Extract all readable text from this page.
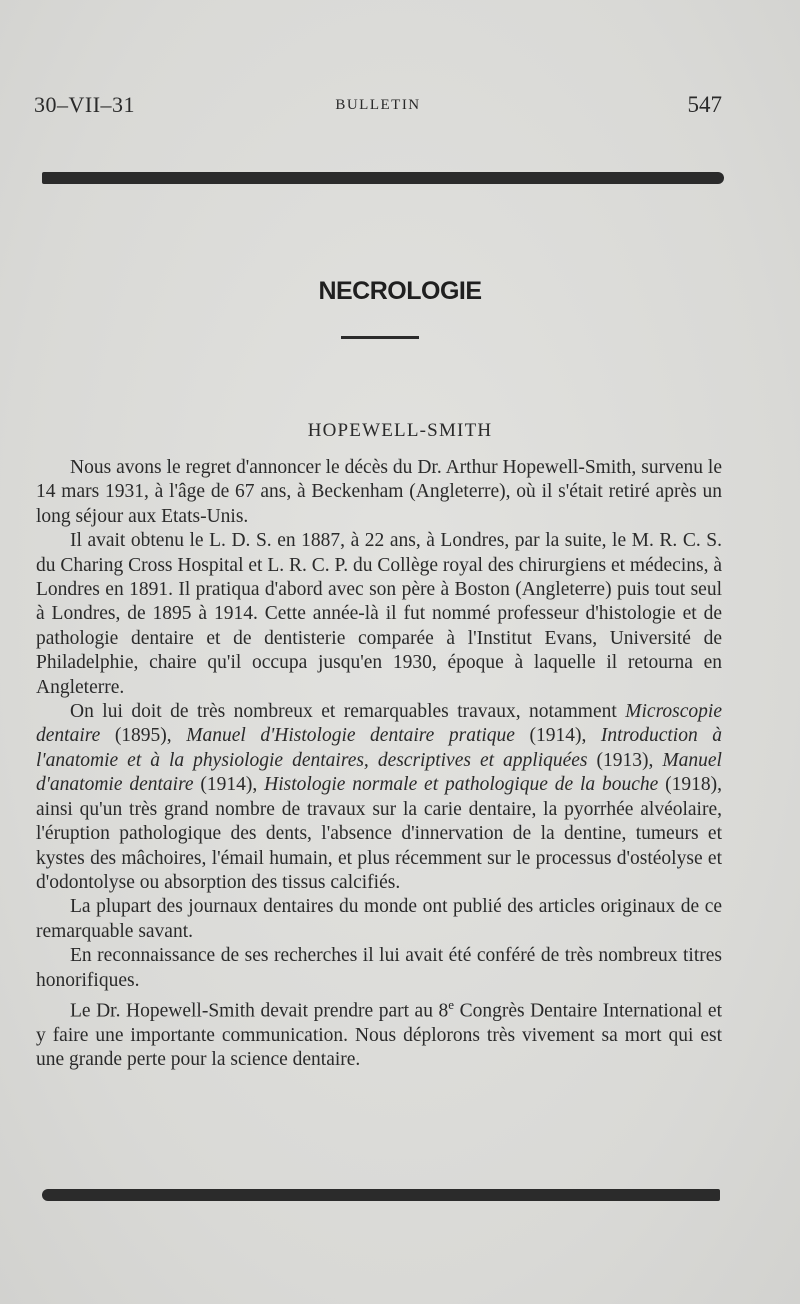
30–VII–31	BULLETIN	547
NECROLOGIE
HOPEWELL-SMITH

Nous avons le regret d'annoncer le décès du Dr. Arthur Hopewell-Smith, survenu le 14 mars 1931, à l'âge de 67 ans, à Beckenham (Angleterre), où il s'était retiré après un long séjour aux Etats-Unis.

Il avait obtenu le L. D. S. en 1887, à 22 ans, à Londres, par la suite, le M. R. C. S. du Charing Cross Hospital et L. R. C. P. du Collège royal des chirurgiens et médecins, à Londres en 1891. Il pratiqua d'abord avec son père à Boston (Angleterre) puis tout seul à Londres, de 1895 à 1914. Cette année-là il fut nommé professeur d'histologie et de pathologie dentaire et de dentisterie comparée à l'Institut Evans, Université de Philadelphie, chaire qu'il occupa jusqu'en 1930, époque à laquelle il retourna en Angleterre.

On lui doit de très nombreux et remarquables travaux, notamment Microscopie dentaire (1895), Manuel d'Histologie dentaire pratique (1914), Introduction à l'anatomie et à la physiologie dentaires, descriptives et appliquées (1913), Manuel d'anatomie dentaire (1914), Histologie normale et pathologique de la bouche (1918), ainsi qu'un très grand nombre de travaux sur la carie dentaire, la pyorrhée alvéolaire, l'éruption pathologique des dents, l'absence d'innervation de la dentine, tumeurs et kystes des mâchoires, l'émail humain, et plus récemment sur le processus d'ostéolyse et d'odontolyse ou absorption des tissus calcifiés.

La plupart des journaux dentaires du monde ont publié des articles originaux de ce remarquable savant.

En reconnaissance de ses recherches il lui avait été conféré de très nombreux titres honorifiques.

Le Dr. Hopewell-Smith devait prendre part au 8e Congrès Dentaire International et y faire une importante communication. Nous déplorons très vivement sa mort qui est une grande perte pour la science dentaire.
